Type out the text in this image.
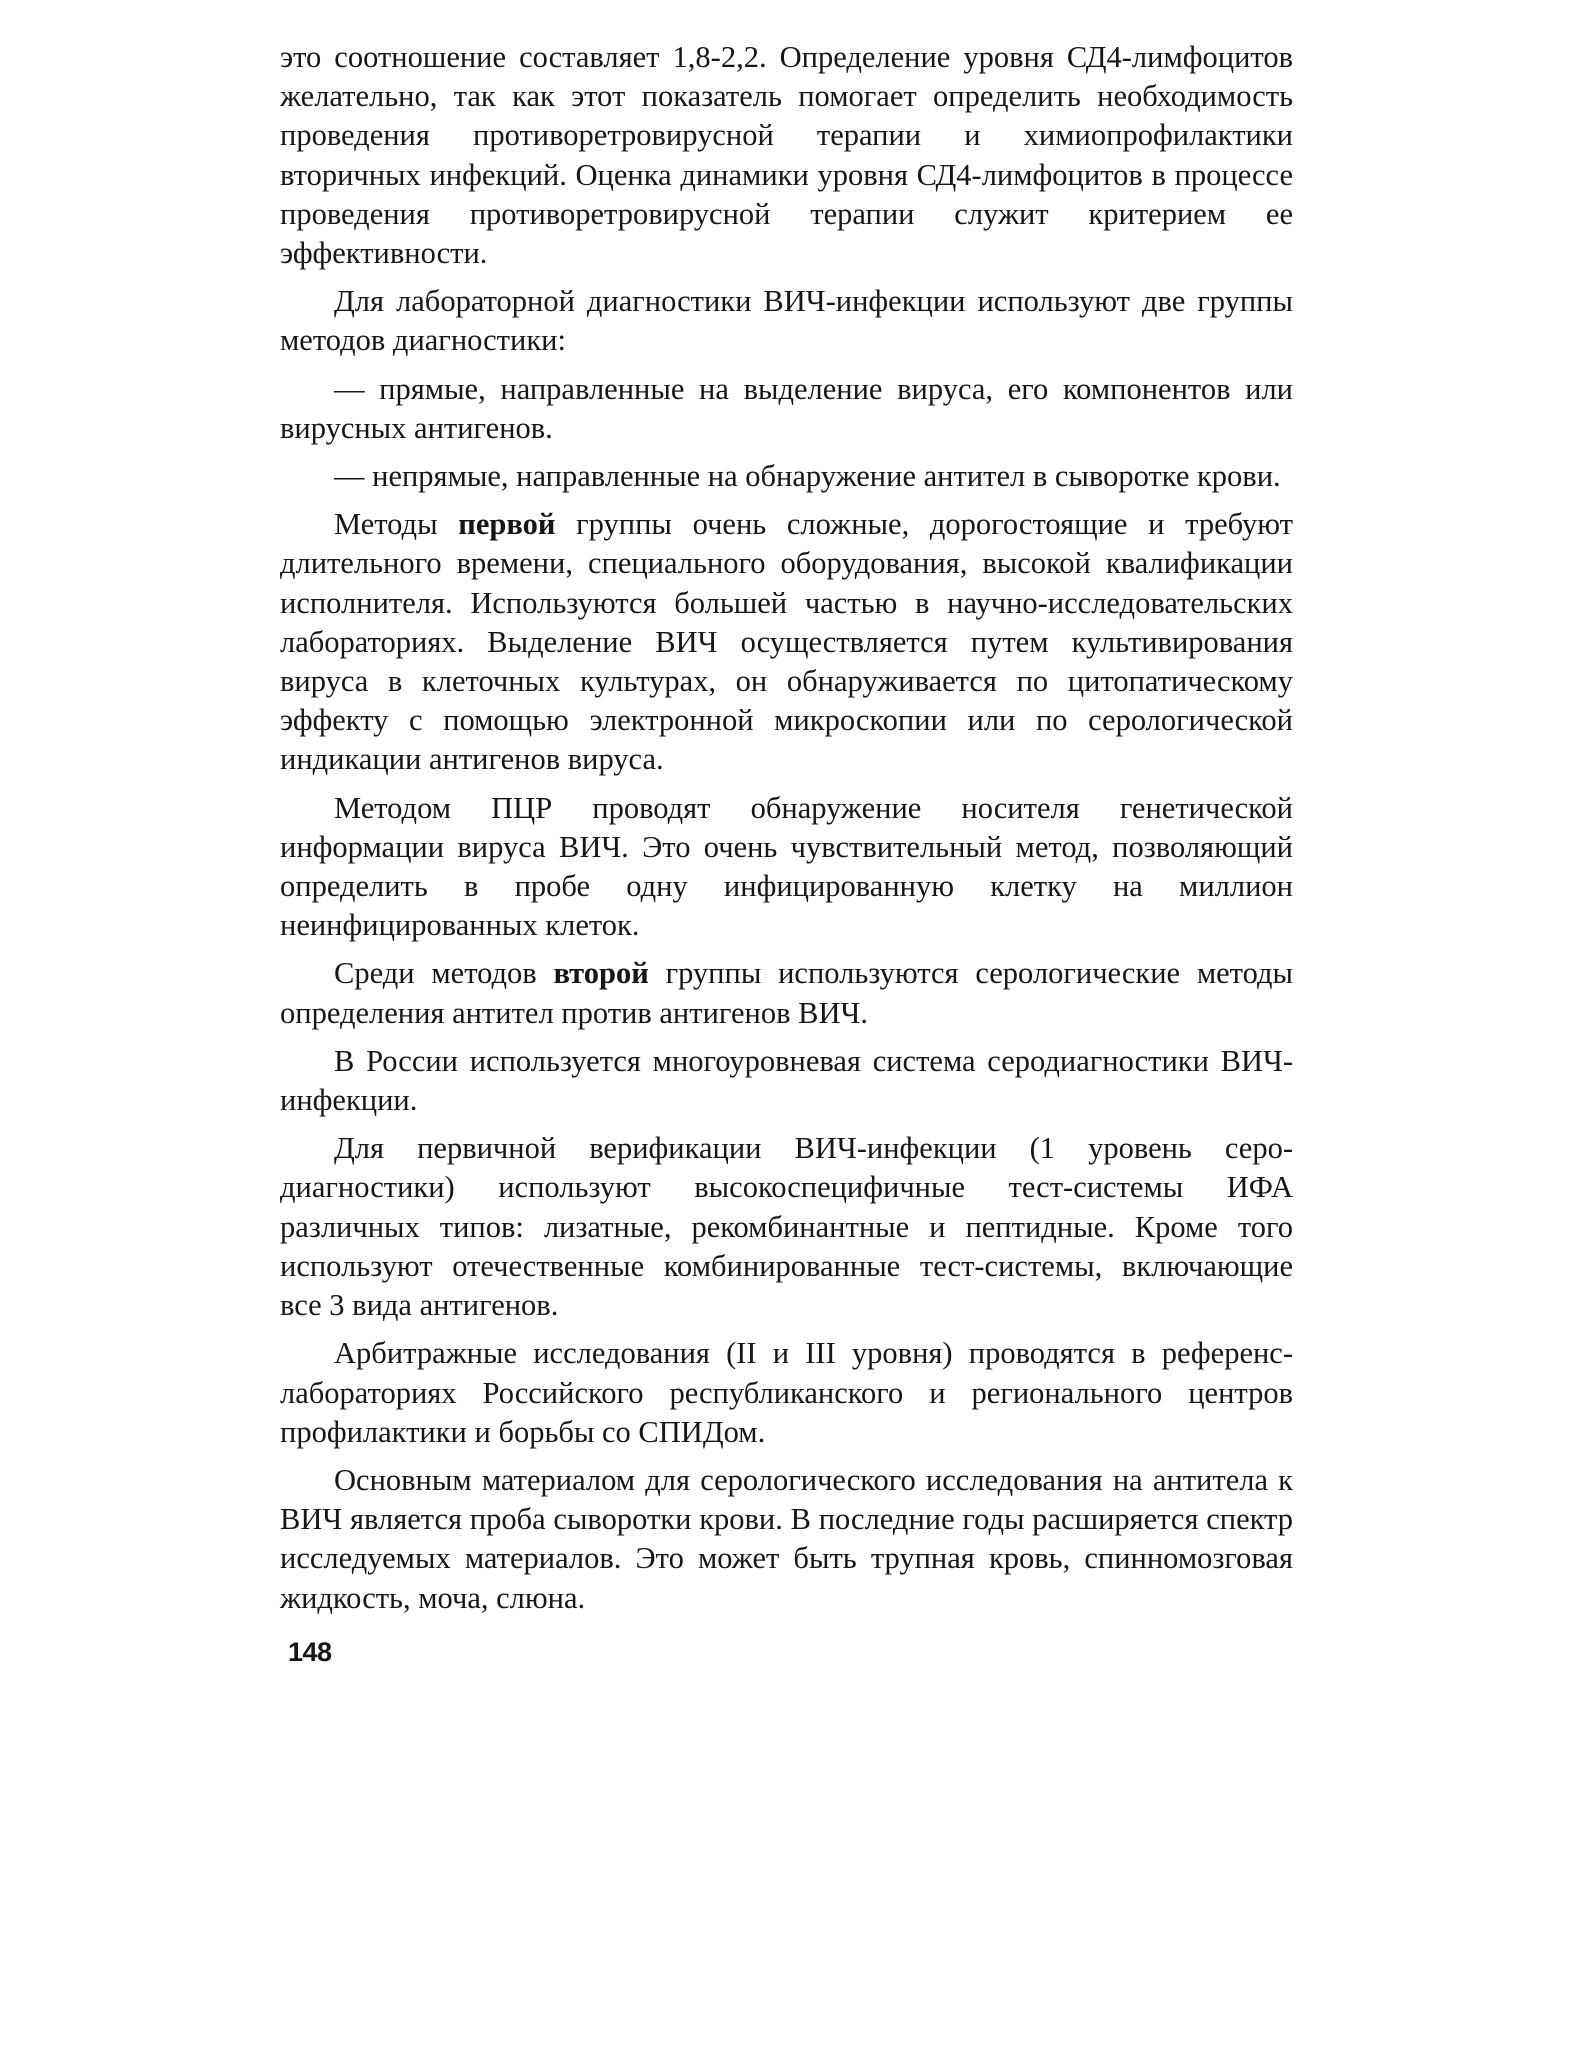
это соотношение составляет 1,8-2,2. Определение уровня СД4-лимфоцитов желательно, так как этот показатель помогает определить необходимость проведения противоретровирусной терапии и химиопрофилактики вторичных инфекций. Оценка динамики уровня СД4-лимфоцитов в процессе проведения противоретровирусной терапии служит критерием ее эффективности.

Для лабораторной диагностики ВИЧ-инфекции используют две группы методов диагностики:

— прямые, направленные на выделение вируса, его компонентов или вирусных антигенов.

— непрямые, направленные на обнаружение антител в сыворотке крови.

Методы первой группы очень сложные, дорогостоящие и требуют длительного времени, специального оборудования, высокой квалификации исполнителя. Используются большей частью в научно-исследовательских лабораториях. Выделение ВИЧ осуществляется путем культивирования вируса в клеточных культурах, он обнаруживается по цитопатическому эффекту с помощью электронной микроскопии или по серологической индикации антигенов вируса.

Методом ПЦР проводят обнаружение носителя генетической информации вируса ВИЧ. Это очень чувствительный метод, позволяющий определить в пробе одну инфицированную клетку на миллион неинфицированных клеток.

Среди методов второй группы используются серологические методы определения антител против антигенов ВИЧ.

В России используется многоуровневая система серодиагностики ВИЧ-инфекции.

Для первичной верификации ВИЧ-инфекции (1 уровень серодиагностики) используют высокоспецифичные тест-системы ИФА различных типов: лизатные, рекомбинантные и пептидные. Кроме того используют отечественные комбинированные тест-системы, включающие все 3 вида антигенов.

Арбитражные исследования (II и III уровня) проводятся в референс-лабораториях Российского республиканского и регионального центров профилактики и борьбы со СПИДом.

Основным материалом для серологического исследования на антитела к ВИЧ является проба сыворотки крови. В последние годы расширяется спектр исследуемых материалов. Это может быть трупная кровь, спинномозговая жидкость, моча, слюна.

148
